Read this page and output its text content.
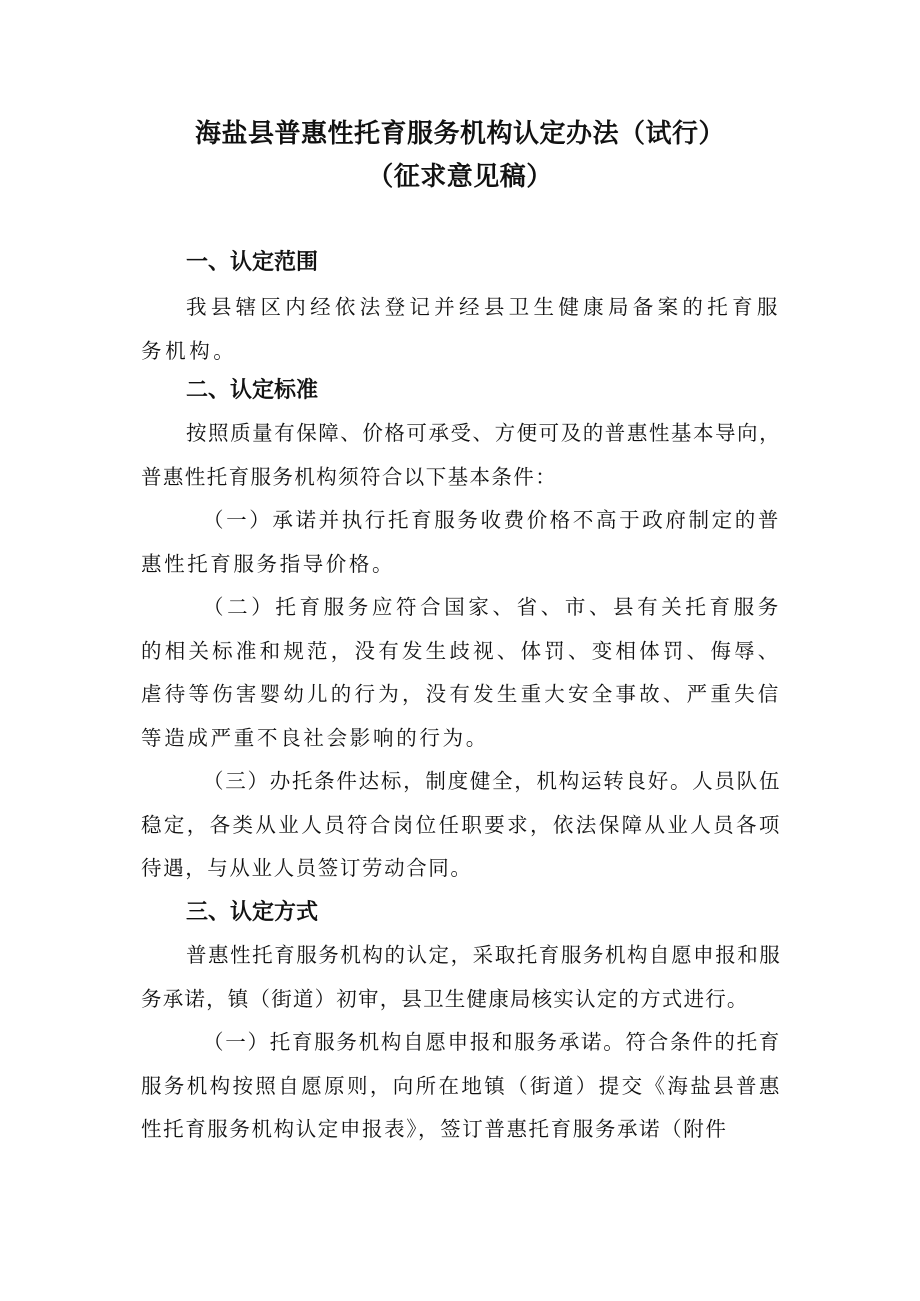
海盐县普惠性托育服务机构认定办法（试行）
（征求意见稿）
一、认定范围

我县辖区内经依法登记并经县卫生健康局备案的托育服务机构。

二、认定标准

按照质量有保障、价格可承受、方便可及的普惠性基本导向，普惠性托育服务机构须符合以下基本条件：

（一）承诺并执行托育服务收费价格不高于政府制定的普惠性托育服务指导价格。

（二）托育服务应符合国家、省、市、县有关托育服务的相关标准和规范，没有发生歧视、体罚、变相体罚、侮辱、虐待等伤害婴幼儿的行为，没有发生重大安全事故、严重失信等造成严重不良社会影响的行为。

（三）办托条件达标，制度健全，机构运转良好。人员队伍稳定，各类从业人员符合岗位任职要求，依法保障从业人员各项待遇，与从业人员签订劳动合同。

三、认定方式

普惠性托育服务机构的认定，采取托育服务机构自愿申报和服务承诺，镇（街道）初审，县卫生健康局核实认定的方式进行。

（一）托育服务机构自愿申报和服务承诺。符合条件的托育服务机构按照自愿原则，向所在地镇（街道）提交《海盐县普惠性托育服务机构认定申报表》，签订普惠托育服务承诺（附件
